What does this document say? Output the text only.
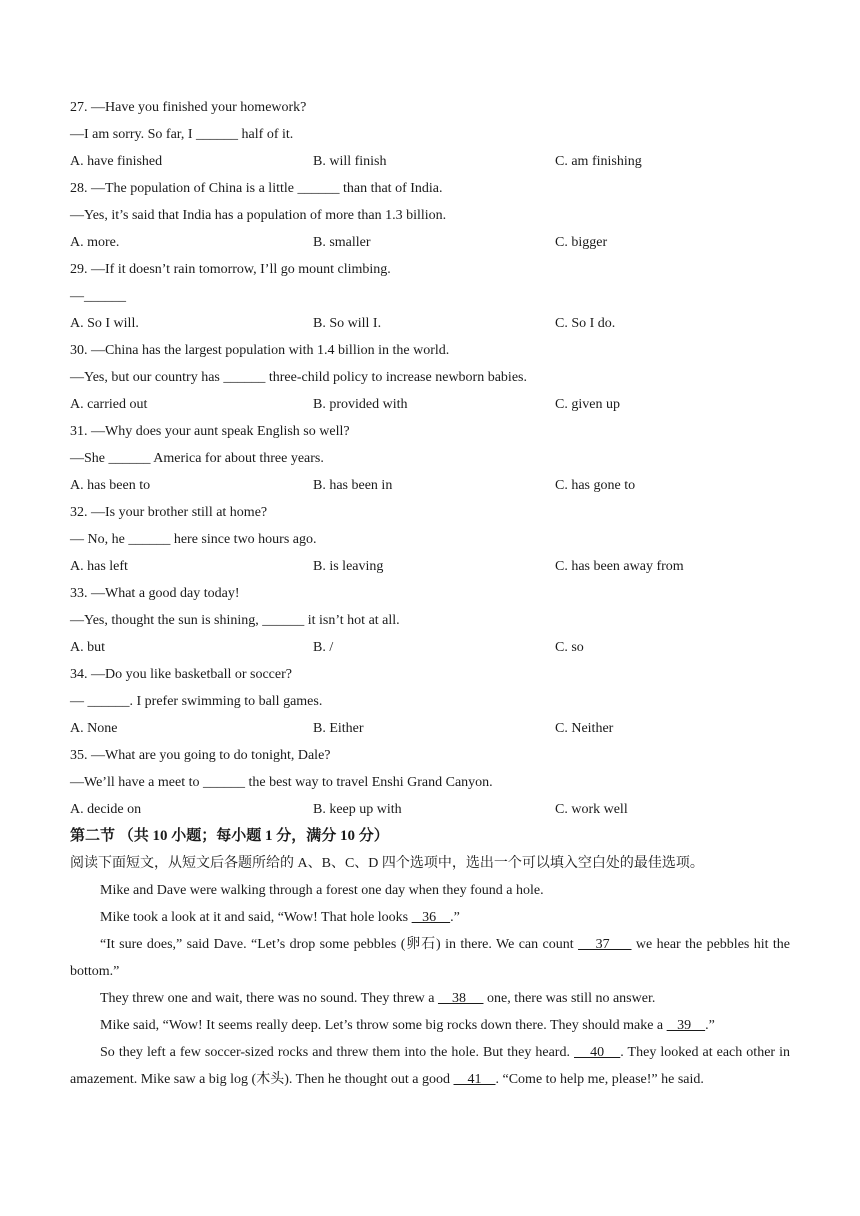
27. —Have you finished your homework?
—I am sorry. So far, I ______ half of it.
A. have finished	B. will finish	C. am finishing
28. —The population of China is a little ______ than that of India.
—Yes, it’s said that India has a population of more than 1.3 billion.
A. more.	B. smaller	C. bigger
29. —If it doesn’t rain tomorrow, I’ll go mount climbing.
—______
A. So I will.	B. So will I.	C. So I do.
30. —China has the largest population with 1.4 billion in the world.
—Yes, but our country has ______ three-child policy to increase newborn babies.
A. carried out	B. provided with	C. given up
31. —Why does your aunt speak English so well?
—She ______ America for about three years.
A. has been to	B. has been in	C. has gone to
32. —Is your brother still at home?
— No, he ______ here since two hours ago.
A. has left	B. is leaving	C. has been away from
33. —What a good day today!
—Yes, thought the sun is shining, ______ it isn’t hot at all.
A. but	B. /	C. so
34. —Do you like basketball or soccer?
— ______. I prefer swimming to ball games.
A. None	B. Either	C. Neither
35. —What are you going to do tonight, Dale?
—We’ll have a meet to ______ the best way to travel Enshi Grand Canyon.
A. decide on	B. keep up with	C. work well
第二节 （共 10 小题；每小题 1 分，满分 10 分）
阅读下面短文，从短文后各题所给的 A、B、C、D 四个选项中，选出一个可以填入空白处的最佳选项。
Mike and Dave were walking through a forest one day when they found a hole.
Mike took a look at it and said, “Wow! That hole looks    36    .”
“It sure does,” said Dave. “Let’s drop some pebbles (卵石) in there. We can count     37      we hear the pebbles hit the bottom.”
They threw one and wait, there was no sound. They threw a     38      one, there was still no answer.
Mike said, “Wow! It seems really deep. Let’s throw some big rocks down there. They should make a    39    .”
So they left a few soccer-sized rocks and threw them into the hole. But they heard.     40    . They looked at each other in amazement. Mike saw a big log (木头). Then he thought out a good     41    . “Come to help me, please!” he said.
